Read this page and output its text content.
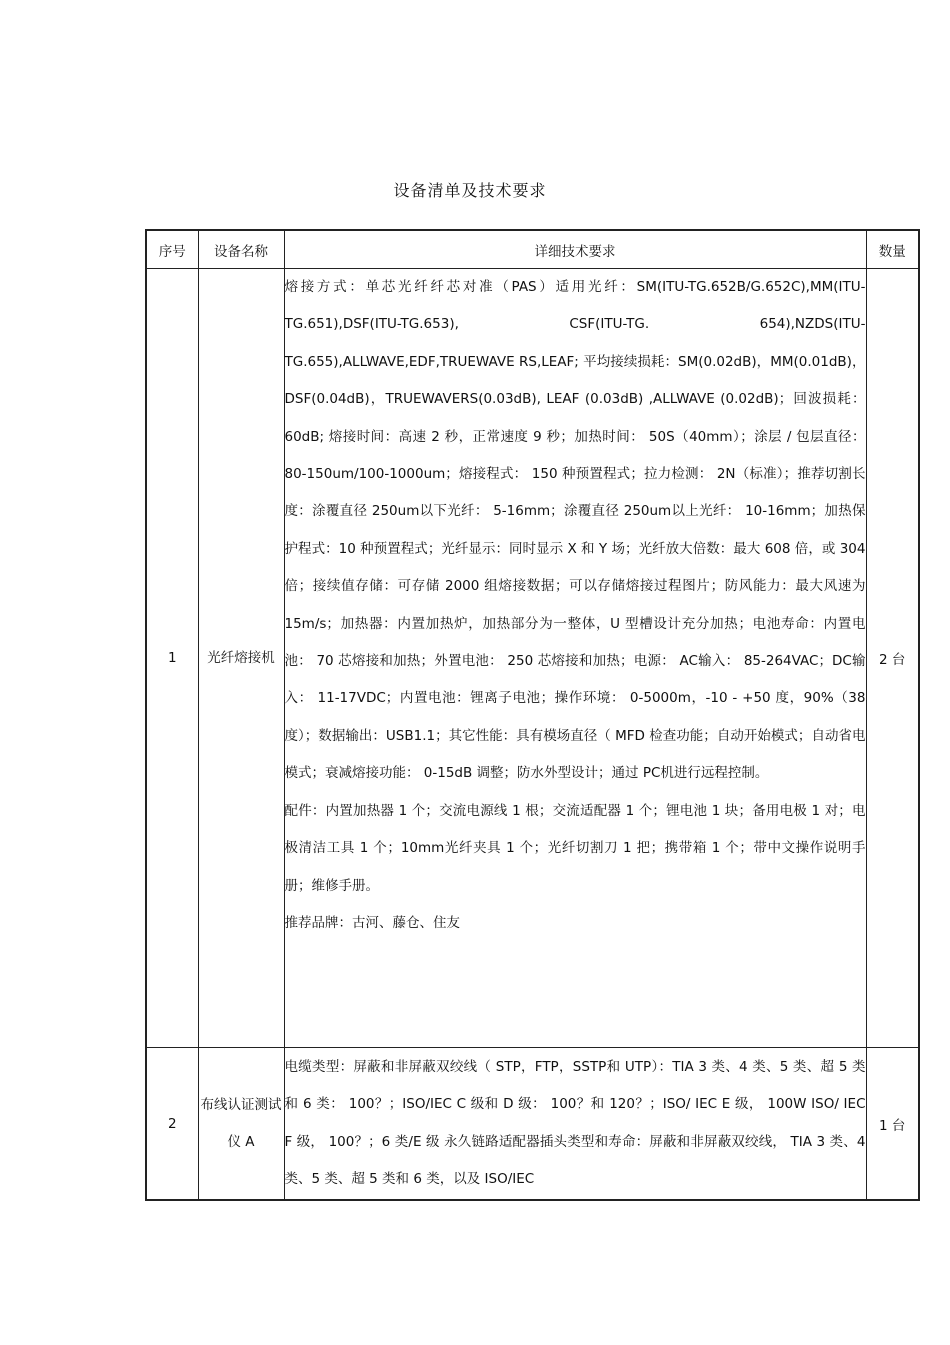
设备清单及技术要求
序号	设备名称	详细技术要求	数量
1	光纤熔接机	熔接方式：单芯光纤纤芯对准（PAS）适用光纤：SM(ITU-TG.652B/G.652C),MM(ITU-TG.651),DSF(ITU-TG.653), CSF(ITU-TG. 654),NZDS(ITU-TG.655),ALLWAVE,EDF,TRUEWAVE RS,LEAF; 平均接续损耗：SM(0.02dB)，MM(0.01dB)，DSF(0.04dB)，TRUEWAVERS(0.03dB), LEAF (0.03dB) ,ALLWAVE (0.02dB)；回波损耗： 60dB; 熔接时间：高速 2 秒，正常速度 9 秒；加热时间： 50S（40mm）；涂层 / 包层直径： 80-150um/100-1000um；熔接程式： 150 种预置程式；拉力检测： 2N（标准）；推荐切割长度：涂覆直径 250um以下光纤： 5-16mm；涂覆直径 250um以上光纤： 10-16mm；加热保护程式：10 种预置程式；光纤显示：同时显示 X 和 Y 场；光纤放大倍数：最大 608 倍，或 304 倍；接续值存储：可存储 2000 组熔接数据；可以存储熔接过程图片；防风能力：最大风速为 15m/s；加热器：内置加热炉，加热部分为一整体，U 型槽设计充分加热；电池寿命：内置电池： 70 芯熔接和加热；外置电池： 250 芯熔接和加热；电源： AC输入： 85-264VAC；DC输入： 11-17VDC；内置电池：锂离子电池；操作环境： 0-5000m，-10 - +50 度，90%（38 度）；数据输出：USB1.1；其它性能：具有模场直径（ MFD 检查功能；自动开始模式；自动省电模式；衰减熔接功能： 0-15dB 调整；防水外型设计；通过 PC机进行远程控制。

配件：内置加热器 1 个；交流电源线 1 根；交流适配器 1 个；锂电池 1 块；备用电极 1 对；电极清洁工具 1 个；10mm光纤夹具 1 个；光纤切割刀 1 把；携带箱 1 个；带中文操作说明手册；维修手册。

推荐品牌：古河、藤仓、住友	2 台
2	布线认证测试仪 A	电缆类型：屏蔽和非屏蔽双绞线（ STP，FTP，SSTP和 UTP）：TIA 3 类、4 类、5 类、超 5 类和 6 类： 100？；ISO/IEC C 级和 D 级： 100？和 120？；ISO/ IEC E 级， 100W ISO/ IEC F 级， 100？；6 类/E 级 永久链路适配器插头类型和寿命：屏蔽和非屏蔽双绞线， TIA 3 类、4 类、5 类、超 5 类和 6 类，以及 ISO/IEC	1 台
